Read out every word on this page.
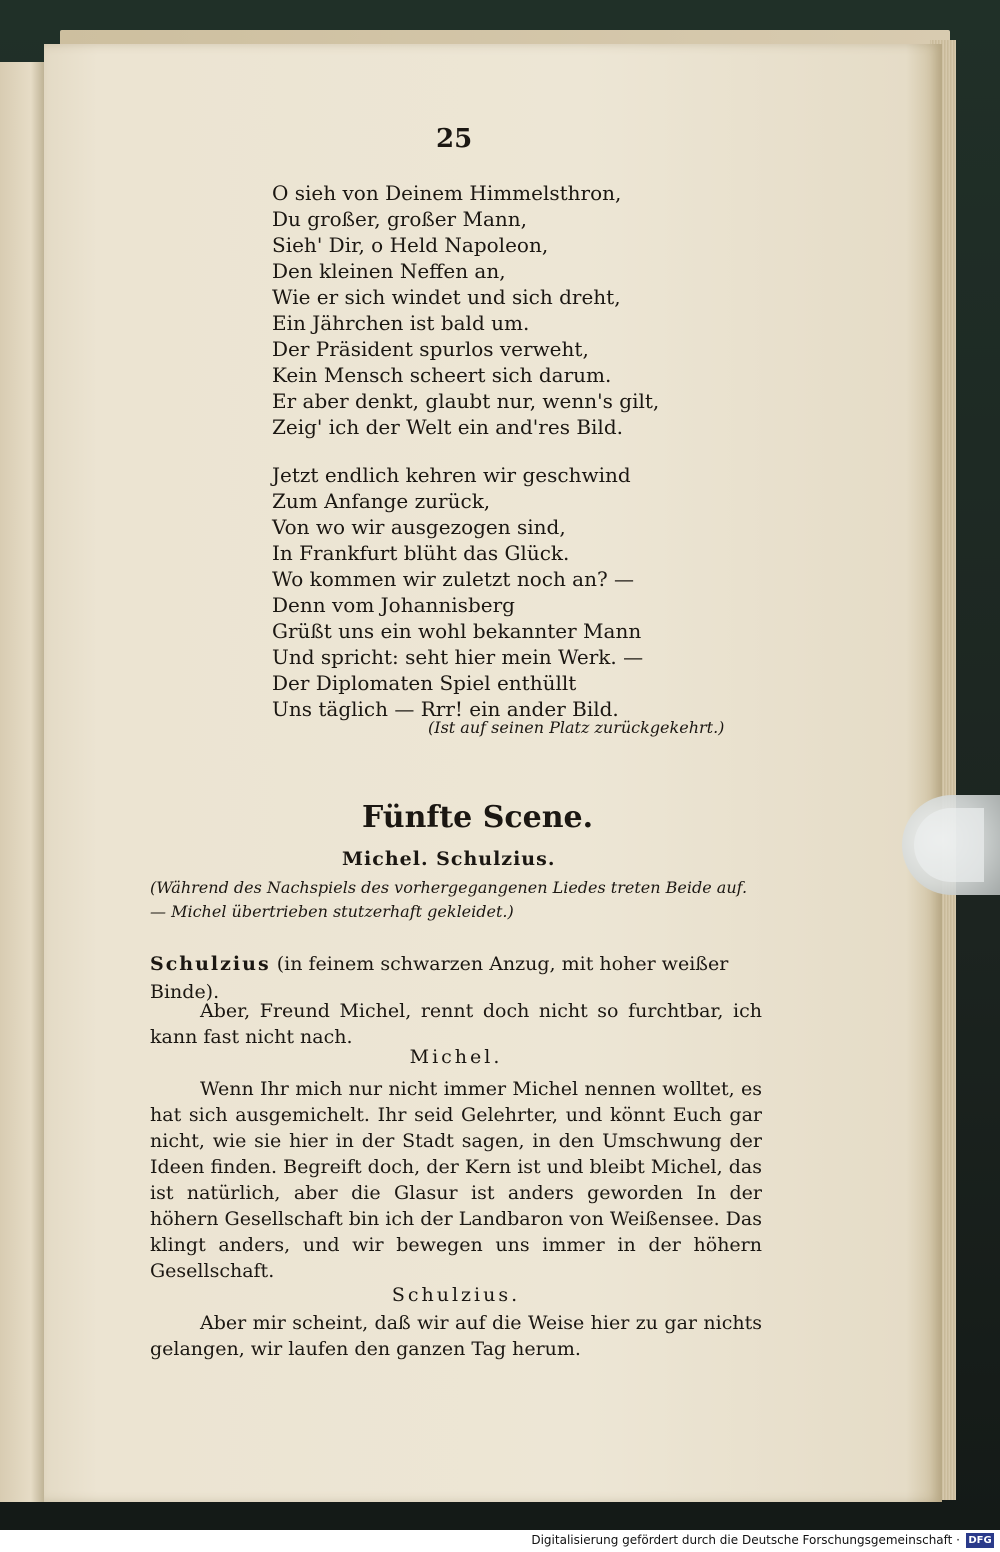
25
O sieh von Deinem Himmelsthron,
Du großer, großer Mann,
Sieh' Dir, o Held Napoleon,
Den kleinen Neffen an,
Wie er sich windet und sich dreht,
Ein Jährchen ist bald um.
Der Präsident spurlos verweht,
Kein Mensch scheert sich darum.
Er aber denkt, glaubt nur, wenn's gilt,
Zeig' ich der Welt ein and'res Bild.
Jetzt endlich kehren wir geschwind
Zum Anfange zurück,
Von wo wir ausgezogen sind,
In Frankfurt blüht das Glück.
Wo kommen wir zuletzt noch an? —
Denn vom Johannisberg
Grüßt uns ein wohl bekannter Mann
Und spricht: seht hier mein Werk. —
Der Diplomaten Spiel enthüllt
Uns täglich — Rrr! ein ander Bild.
(Ist auf seinen Platz zurückgekehrt.)
Fünfte Scene.
Michel. Schulzius.
(Während des Nachspiels des vorhergegangenen Liedes treten Beide auf. — Michel übertrieben stutzerhaft gekleidet.)
Schulzius (in feinem schwarzen Anzug, mit hoher weißer Binde).

Aber, Freund Michel, rennt doch nicht so furchtbar, ich kann fast nicht nach.

Michel.

Wenn Ihr mich nur nicht immer Michel nennen wolltet, es hat sich ausgemichelt. Ihr seid Gelehrter, und könnt Euch gar nicht, wie sie hier in der Stadt sagen, in den Umschwung der Ideen finden. Begreift doch, der Kern ist und bleibt Michel, das ist natürlich, aber die Glasur ist anders geworden In der höhern Gesellschaft bin ich der Landbaron von Weißensee. Das klingt anders, und wir bewegen uns immer in der höhern Gesellschaft.

Schulzius.

Aber mir scheint, daß wir auf die Weise hier zu gar nichts gelangen, wir laufen den ganzen Tag herum.

Digitalisierung gefördert durch die Deutsche Forschungsgemeinschaft · DFG
